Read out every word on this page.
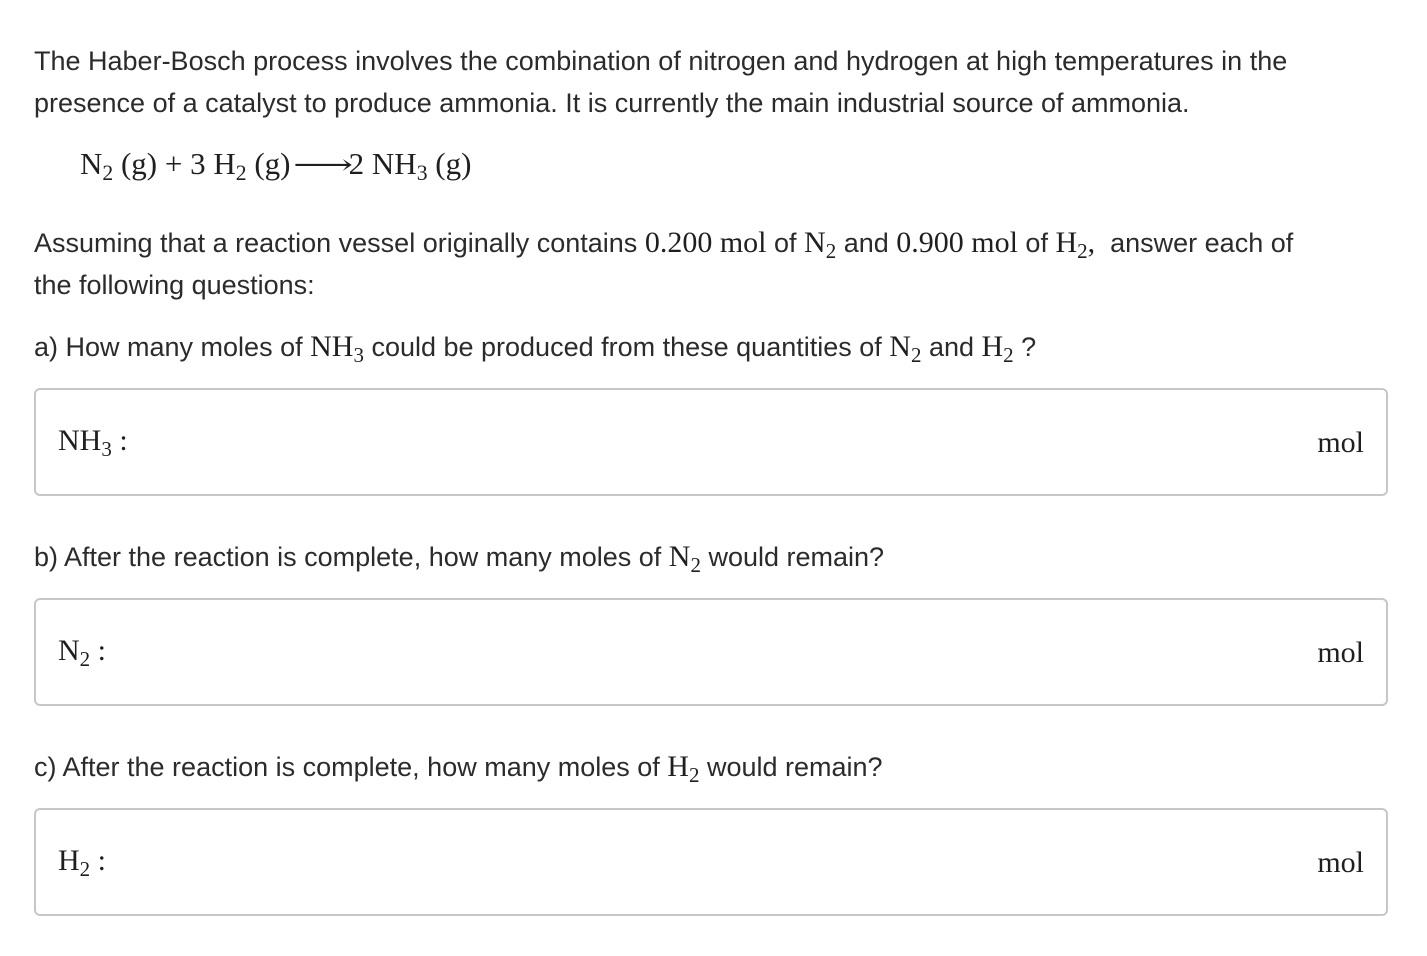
The Haber-Bosch process involves the combination of nitrogen and hydrogen at high temperatures in the
presence of a catalyst to produce ammonia. It is currently the main industrial source of ammonia.
$N_2$ (g) + 3 $H_2$ (g)⟶2 $NH_3$ (g)
Assuming that a reaction vessel originally contains 0.200 mol of $N_2$ and 0.900 mol of $H_2$,  answer each of
the following questions:
a) How many moles of $NH_3$ could be produced from these quantities of $N_2$ and $H_2$ ?
$NH_3$ :	mol
b) After the reaction is complete, how many moles of $N_2$ would remain?
$N_2$ :	mol
c) After the reaction is complete, how many moles of $H_2$ would remain?
$H_2$ :	mol
